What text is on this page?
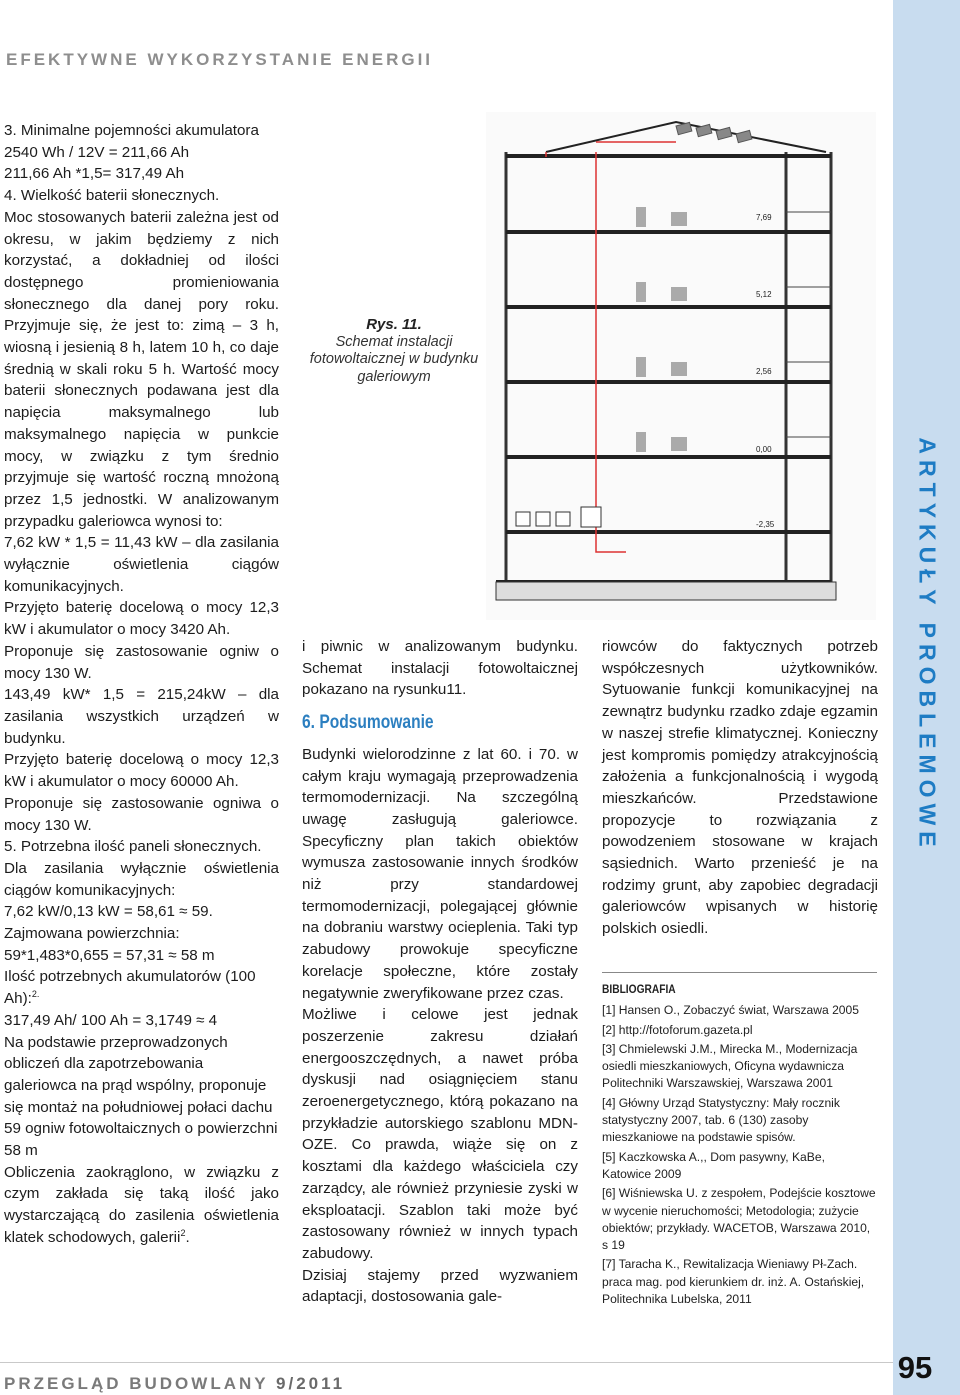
EFEKTYWNE WYKORZYSTANIE ENERGII
ARTYKUŁY PROBLEMOWE

3. Minimalne pojemności akumulatora

2540 Wh / 12V = 211,66 Ah

211,66 Ah *1,5= 317,49 Ah

4. Wielkość baterii słonecznych.

Moc stosowanych baterii zależna jest od okresu, w jakim będziemy z nich korzystać, a dokładniej od ilości dostępnego promieniowania słonecznego dla danej pory roku. Przyjmuje się, że jest to: zimą – 3 h, wiosną i jesienią 8 h, latem 10 h, co daje średnią w skali roku 5 h. Wartość mocy baterii słonecznych podawana jest dla napięcia maksymalnego lub maksymalnego napięcia w punkcie mocy, w związku z tym średnio przyjmuje się wartość roczną mnożoną przez 1,5 jednostki. W analizowanym przypadku galeriowca wynosi to:

7,62 kW * 1,5 = 11,43 kW – dla zasilania wyłącznie oświetlenia ciągów komunikacyjnych.

Przyjęto baterię docelową o mocy 12,3 kW i akumulator o mocy 3420 Ah.

Proponuje się zastosowanie ogniw o mocy 130 W.

143,49 kW* 1,5 = 215,24kW – dla zasilania wszystkich urządzeń w budynku.

Przyjęto baterię docelową o mocy 12,3 kW i akumulator o mocy 60000 Ah.

Proponuje się zastosowanie ogniwa o mocy 130 W.

5. Potrzebna ilość paneli słonecznych.

Dla zasilania wyłącznie oświetlenia ciągów komunikacyjnych:

7,62 kW/0,13 kW = 58,61 ≈ 59.

Zajmowana powierzchnia:

59*1,483*0,655 = 57,31 ≈ 58 m

Ilość potrzebnych akumulatorów (100 Ah):$^{2.}$

317,49 Ah/ 100 Ah = 3,1749 ≈ 4

Na podstawie przeprowadzonych obliczeń dla zapotrzebowania galeriowca na prąd wspólny, proponuje się montaż na południowej połaci dachu 59 ogniw fotowoltaicznych o powierzchni 58 m

Obliczenia zaokrąglono, w związku z czym zakłada się taką ilość jako wystarczającą do zasilenia oświetlenia klatek schodowych, galerii$^2$.

Rys. 11.
Schemat instalacji fotowoltaicznej w budynku galeriowym
7,69
5,12
2,56
0,00
-2,35

i piwnic w analizowanym budynku. Schemat instalacji fotowoltaicznej pokazano na rysunku11.

6. Podsumowanie

Budynki wielorodzinne z lat 60. i 70. w całym kraju wymagają przeprowadzenia termomodernizacji. Na szczególną uwagę zasługują galeriowce. Specyficzny plan takich obiektów wymusza zastosowanie innych środków niż przy standardowej termomodernizacji, polegającej głównie na dobraniu warstwy ocieplenia. Taki typ zabudowy prowokuje specyficzne korelacje społeczne, które zostały negatywnie zweryfikowane przez czas.

Możliwe i celowe jest jednak poszerzenie zakresu działań energooszczędnych, a nawet próba dyskusji nad osiągnięciem stanu zeroenergetycznego, którą pokazano na przykładzie autorskiego szablonu MDN-OZE. Co prawda, wiąże się on z kosztami dla każdego właściciela czy zarządcy, ale również przyniesie zyski w eksploatacji. Szablon taki może być zastosowany również w innych typach zabudowy.

Dzisiaj stajemy przed wyzwaniem adaptacji, dostosowania gale-

riowców do faktycznych potrzeb współczesnych użytkowników. Sytuowanie funkcji komunikacyjnej na zewnątrz budynku rzadko zdaje egzamin w naszej strefie klimatycznej. Konieczny jest kompromis pomiędzy atrakcyjnością założenia a funkcjonalnością i wygodą mieszkańców. Przedstawione propozycje to rozwiązania z powodzeniem stosowane w krajach sąsiednich. Warto przenieść je na rodzimy grunt, aby zapobiec degradacji galeriowców wpisanych w historię polskich osiedli.

BIBLIOGRAFIA
[1] Hansen O., Zobaczyć świat, Warszawa 2005
[2] http://fotoforum.gazeta.pl
[3] Chmielewski J.M., Mirecka M., Modernizacja osiedli mieszkaniowych, Oficyna wydawnicza Politechniki Warszawskiej, Warszawa 2001
[4] Główny Urząd Statystyczny: Mały rocznik statystyczny 2007, tab. 6 (130) zasoby mieszkaniowe na podstawie spisów.
[5] Kaczkowska A.,, Dom pasywny, KaBe, Katowice 2009
[6] Wiśniewska U. z zespołem, Podejście kosztowe w wycenie nieruchomości; Metodologia; zużycie obiektów; przykłady. WACETOB, Warszawa 2010, s 19
[7] Taracha K., Rewitalizacja Wieniawy Pł-Zach. praca mag. pod kierunkiem dr. inż. A. Ostańskiej, Politechnika Lubelska, 2011
PRZEGLĄD BUDOWLANY 9/2011	95
